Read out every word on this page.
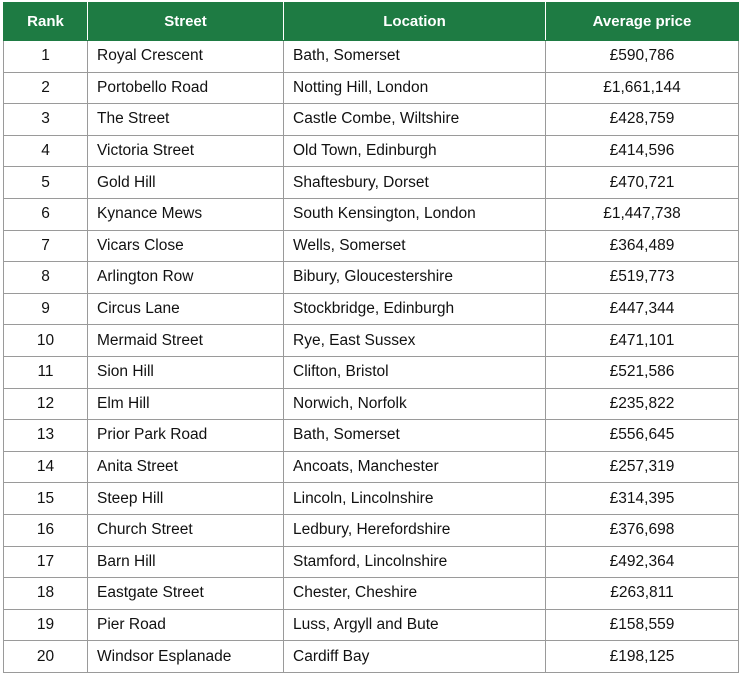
Rank	Street	Location	Average price
1	Royal Crescent	Bath, Somerset	£590,786
2	Portobello Road	Notting Hill, London	£1,661,144
3	The Street	Castle Combe, Wiltshire	£428,759
4	Victoria Street	Old Town, Edinburgh	£414,596
5	Gold Hill	Shaftesbury, Dorset	£470,721
6	Kynance Mews	South Kensington, London	£1,447,738
7	Vicars Close	Wells, Somerset	£364,489
8	Arlington Row	Bibury, Gloucestershire	£519,773
9	Circus Lane	Stockbridge, Edinburgh	£447,344
10	Mermaid Street	Rye, East Sussex	£471,101
11	Sion Hill	Clifton, Bristol	£521,586
12	Elm Hill	Norwich, Norfolk	£235,822
13	Prior Park Road	Bath, Somerset	£556,645
14	Anita Street	Ancoats, Manchester	£257,319
15	Steep Hill	Lincoln, Lincolnshire	£314,395
16	Church Street	Ledbury, Herefordshire	£376,698
17	Barn Hill	Stamford, Lincolnshire	£492,364
18	Eastgate Street	Chester, Cheshire	£263,811
19	Pier Road	Luss, Argyll and Bute	£158,559
20	Windsor Esplanade	Cardiff Bay	£198,125
